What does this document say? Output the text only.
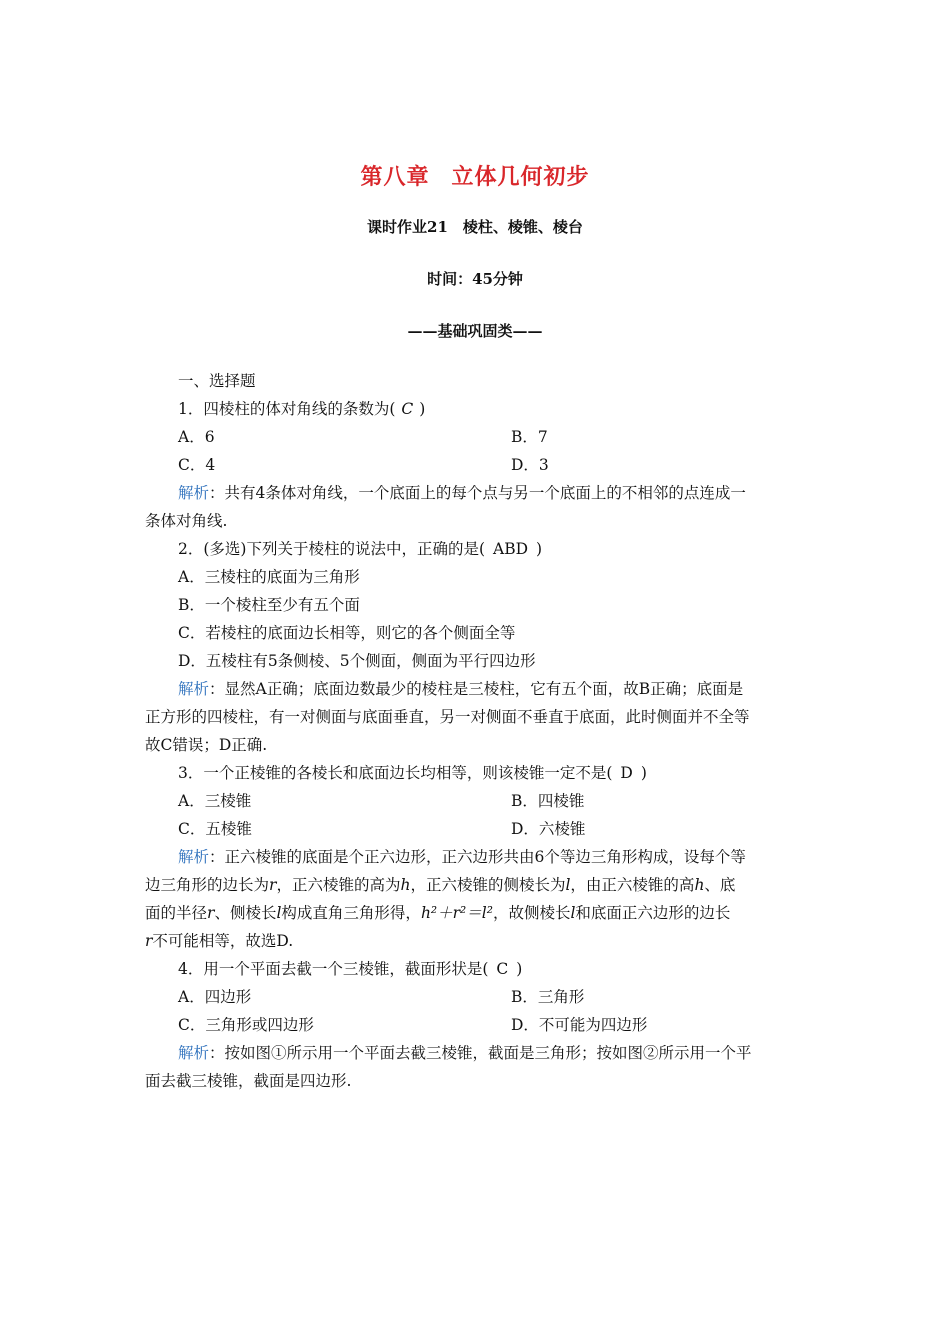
第八章 立体几何初步
课时作业21　棱柱、棱锥、棱台
时间：45分钟
——基础巩固类——
一、选择题
1．四棱柱的体对角线的条数为( C )
A．6	B．7
C．4	D．3
解析：共有4条体对角线，一个底面上的每个点与另一个底面上的不相邻的点连成一
条体对角线.
2．(多选)下列关于棱柱的说法中，正确的是( ABD )
A．三棱柱的底面为三角形
B．一个棱柱至少有五个面
C．若棱柱的底面边长相等，则它的各个侧面全等
D．五棱柱有5条侧棱、5个侧面，侧面为平行四边形
解析：显然A正确；底面边数最少的棱柱是三棱柱，它有五个面，故B正确；底面是
正方形的四棱柱，有一对侧面与底面垂直，另一对侧面不垂直于底面，此时侧面并不全等
故C错误；D正确.
3．一个正棱锥的各棱长和底面边长均相等，则该棱锥一定不是( D )
A．三棱锥	B．四棱锥
C．五棱锥	D．六棱锥
解析：正六棱锥的底面是个正六边形，正六边形共由6个等边三角形构成，设每个等
边三角形的边长为r，正六棱锥的高为h，正六棱锥的侧棱长为l，由正六棱锥的高h、底
面的半径r、侧棱长l构成直角三角形得，h²＋r²＝l²，故侧棱长l和底面正六边形的边长
r不可能相等，故选D.
4．用一个平面去截一个三棱锥，截面形状是( C )
A．四边形	B．三角形
C．三角形或四边形	D．不可能为四边形
解析：按如图①所示用一个平面去截三棱锥，截面是三角形；按如图②所示用一个平
面去截三棱锥，截面是四边形.
